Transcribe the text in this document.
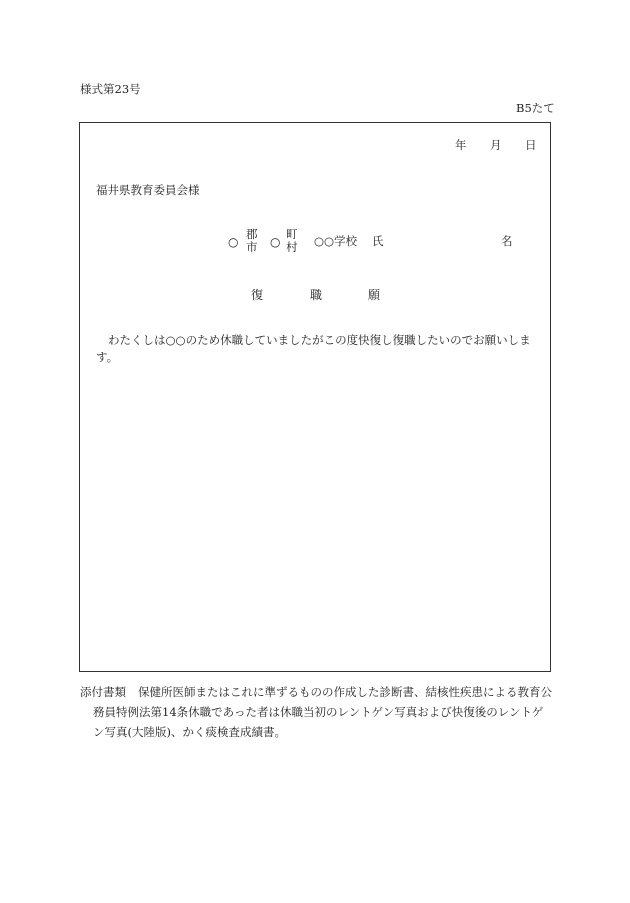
様式第23号
B5たて
年 月 日
福井県教育委員会様
○
郡
市 ○
町
村 ○○学校 氏	名
復	職	願
わたくしは○○のため休職していましたがこの度快復し復職したいのでお願いします。
添付書類 保健所医師またはこれに準ずるものの作成した診断書、結核性疾患による教育公
務員特例法第14条休職であった者は休職当初のレントゲン写真および快復後のレントゲ
ン写真(大陸版)、かく痰検査成績書。
